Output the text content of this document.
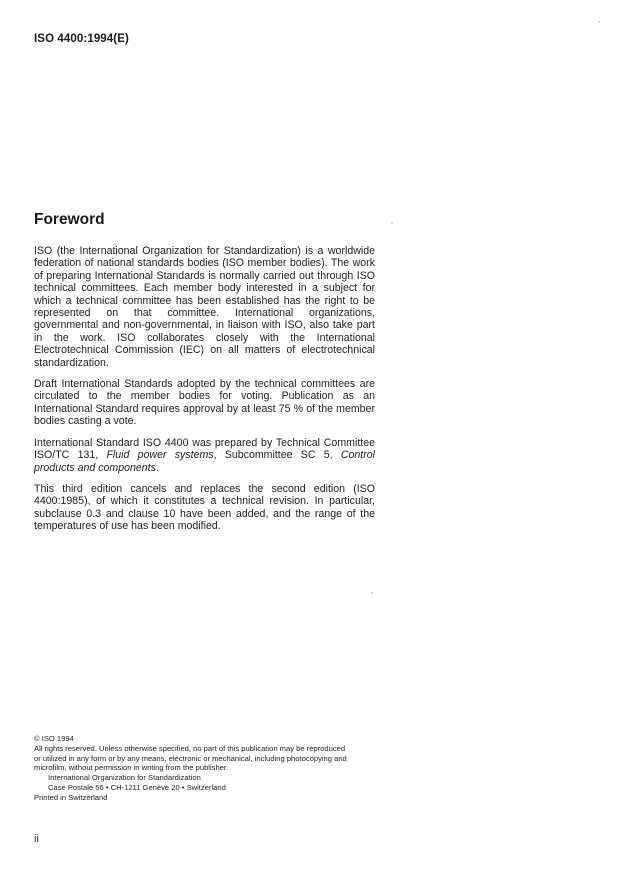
ISO 4400:1994(E)
Foreword

ISO (the International Organization for Standardization) is a worldwide federation of national standards bodies (ISO member bodies). The work of preparing International Standards is normally carried out through ISO technical committees. Each member body interested in a subject for which a technical committee has been established has the right to be represented on that committee. International organizations, governmental and non-governmental, in liaison with ISO, also take part in the work. ISO collaborates closely with the International Electrotechnical Commission (IEC) on all matters of electrotechnical standardization.

Draft International Standards adopted by the technical committees are circulated to the member bodies for voting. Publication as an International Standard requires approval by at least 75 % of the member bodies casting a vote.

International Standard ISO 4400 was prepared by Technical Committee ISO/TC 131, Fluid power systems, Subcommittee SC 5, Control products and components.

This third edition cancels and replaces the second edition (ISO 4400:1985), of which it constitutes a technical revision. In particular, subclause 0.3 and clause 10 have been added, and the range of the temperatures of use has been modified.

© ISO 1994
All rights reserved. Unless otherwise specified, no part of this publication may be reproduced
or utilized in any form or by any means, electronic or mechanical, including photocopying and
microfilm, without permission in writing from the publisher.
International Organization for Standardization
Case Postale 56 • CH-1211 Genève 20 • Switzerland
Printed in Switzerland
ii
